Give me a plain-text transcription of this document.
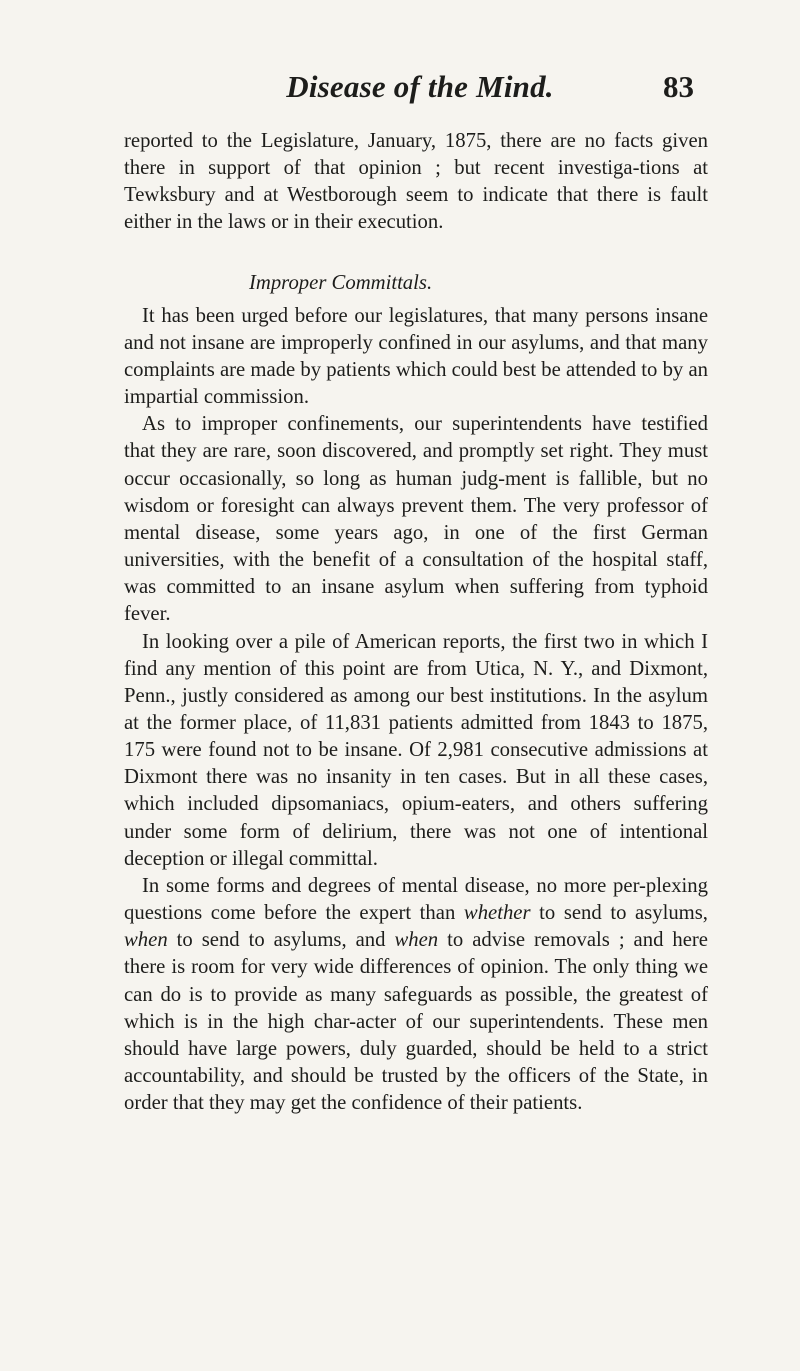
Disease of the Mind.	83

reported to the Legislature, January, 1875, there are no facts given there in support of that opinion ; but recent investiga-tions at Tewksbury and at Westborough seem to indicate that there is fault either in the laws or in their execution.

Improper Committals.

It has been urged before our legislatures, that many persons insane and not insane are improperly confined in our asylums, and that many complaints are made by patients which could best be attended to by an impartial commission.

As to improper confinements, our superintendents have testified that they are rare, soon discovered, and promptly set right. They must occur occasionally, so long as human judg-ment is fallible, but no wisdom or foresight can always prevent them. The very professor of mental disease, some years ago, in one of the first German universities, with the benefit of a consultation of the hospital staff, was committed to an insane asylum when suffering from typhoid fever.

In looking over a pile of American reports, the first two in which I find any mention of this point are from Utica, N. Y., and Dixmont, Penn., justly considered as among our best institutions. In the asylum at the former place, of 11,831 patients admitted from 1843 to 1875, 175 were found not to be insane. Of 2,981 consecutive admissions at Dixmont there was no insanity in ten cases. But in all these cases, which included dipsomaniacs, opium-eaters, and others suffering under some form of delirium, there was not one of intentional deception or illegal committal.

In some forms and degrees of mental disease, no more per-plexing questions come before the expert than whether to send to asylums, when to send to asylums, and when to advise removals ; and here there is room for very wide differences of opinion. The only thing we can do is to provide as many safeguards as possible, the greatest of which is in the high char-acter of our superintendents. These men should have large powers, duly guarded, should be held to a strict accountability, and should be trusted by the officers of the State, in order that they may get the confidence of their patients.
